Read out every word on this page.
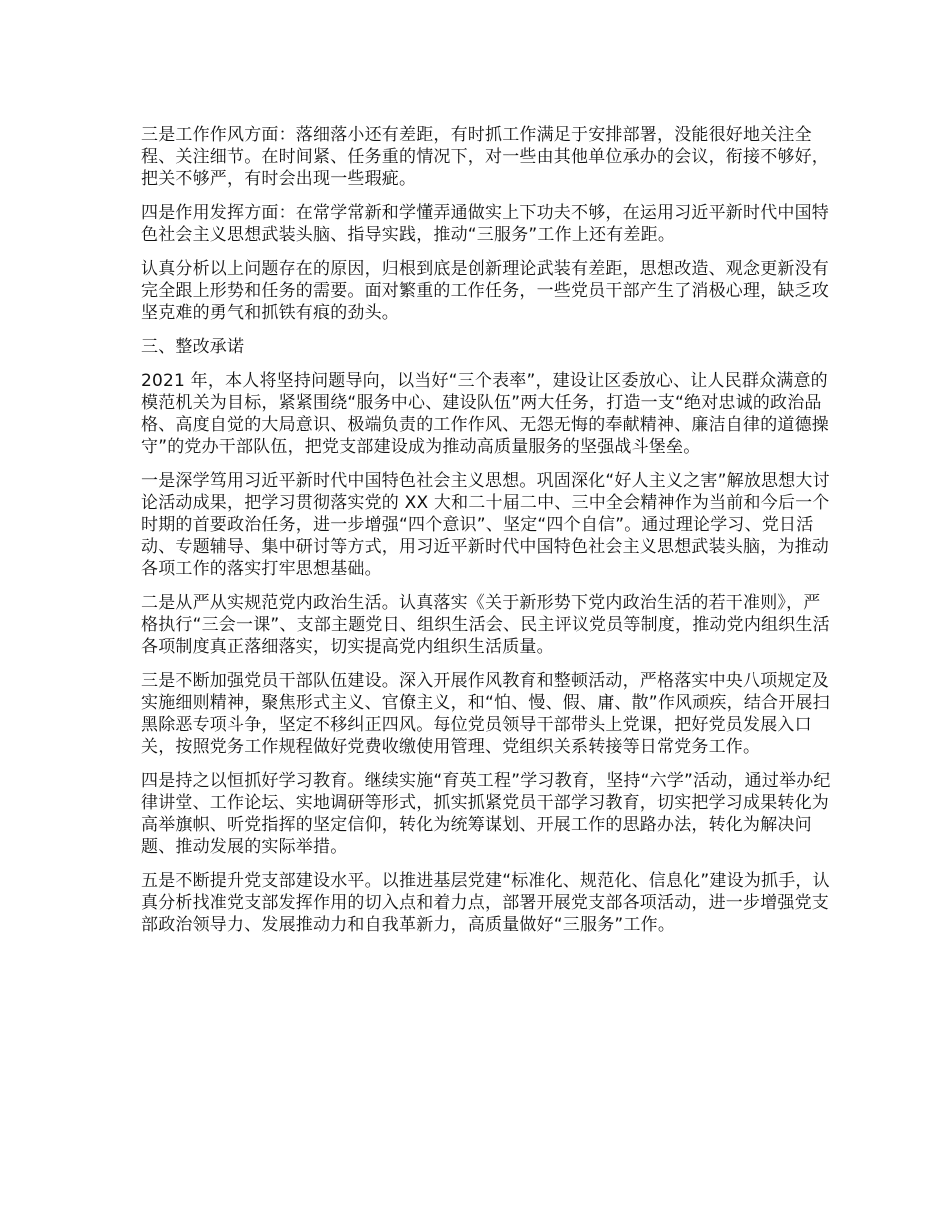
三是工作作风方面：落细落小还有差距，有时抓工作满足于安排部署，没能很好地关注全程、关注细节。在时间紧、任务重的情况下，对一些由其他单位承办的会议，衔接不够好，把关不够严，有时会出现一些瑕疵。

四是作用发挥方面：在常学常新和学懂弄通做实上下功夫不够，在运用习近平新时代中国特色社会主义思想武装头脑、指导实践，推动“三服务”工作上还有差距。

认真分析以上问题存在的原因，归根到底是创新理论武装有差距，思想改造、观念更新没有完全跟上形势和任务的需要。面对繁重的工作任务，一些党员干部产生了消极心理，缺乏攻坚克难的勇气和抓铁有痕的劲头。

三、整改承诺

2021 年，本人将坚持问题导向，以当好“三个表率”，建设让区委放心、让人民群众满意的模范机关为目标，紧紧围绕“服务中心、建设队伍”两大任务，打造一支“绝对忠诚的政治品格、高度自觉的大局意识、极端负责的工作作风、无怨无悔的奉献精神、廉洁自律的道德操守”的党办干部队伍，把党支部建设成为推动高质量服务的坚强战斗堡垒。

一是深学笃用习近平新时代中国特色社会主义思想。巩固深化“好人主义之害”解放思想大讨论活动成果，把学习贯彻落实党的 XX 大和二十届二中、三中全会精神作为当前和今后一个时期的首要政治任务，进一步增强“四个意识”、坚定“四个自信”。通过理论学习、党日活动、专题辅导、集中研讨等方式，用习近平新时代中国特色社会主义思想武装头脑，为推动各项工作的落实打牢思想基础。

二是从严从实规范党内政治生活。认真落实《关于新形势下党内政治生活的若干准则》，严格执行“三会一课”、支部主题党日、组织生活会、民主评议党员等制度，推动党内组织生活各项制度真正落细落实，切实提高党内组织生活质量。

三是不断加强党员干部队伍建设。深入开展作风教育和整顿活动，严格落实中央八项规定及实施细则精神，聚焦形式主义、官僚主义，和“怕、慢、假、庸、散”作风顽疾，结合开展扫黑除恶专项斗争，坚定不移纠正四风。每位党员领导干部带头上党课，把好党员发展入口关，按照党务工作规程做好党费收缴使用管理、党组织关系转接等日常党务工作。

四是持之以恒抓好学习教育。继续实施“育英工程”学习教育，坚持“六学”活动，通过举办纪律讲堂、工作论坛、实地调研等形式，抓实抓紧党员干部学习教育，切实把学习成果转化为高举旗帜、听党指挥的坚定信仰，转化为统筹谋划、开展工作的思路办法，转化为解决问题、推动发展的实际举措。

五是不断提升党支部建设水平。以推进基层党建“标准化、规范化、信息化”建设为抓手，认真分析找准党支部发挥作用的切入点和着力点，部署开展党支部各项活动，进一步增强党支部政治领导力、发展推动力和自我革新力，高质量做好“三服务”工作。
